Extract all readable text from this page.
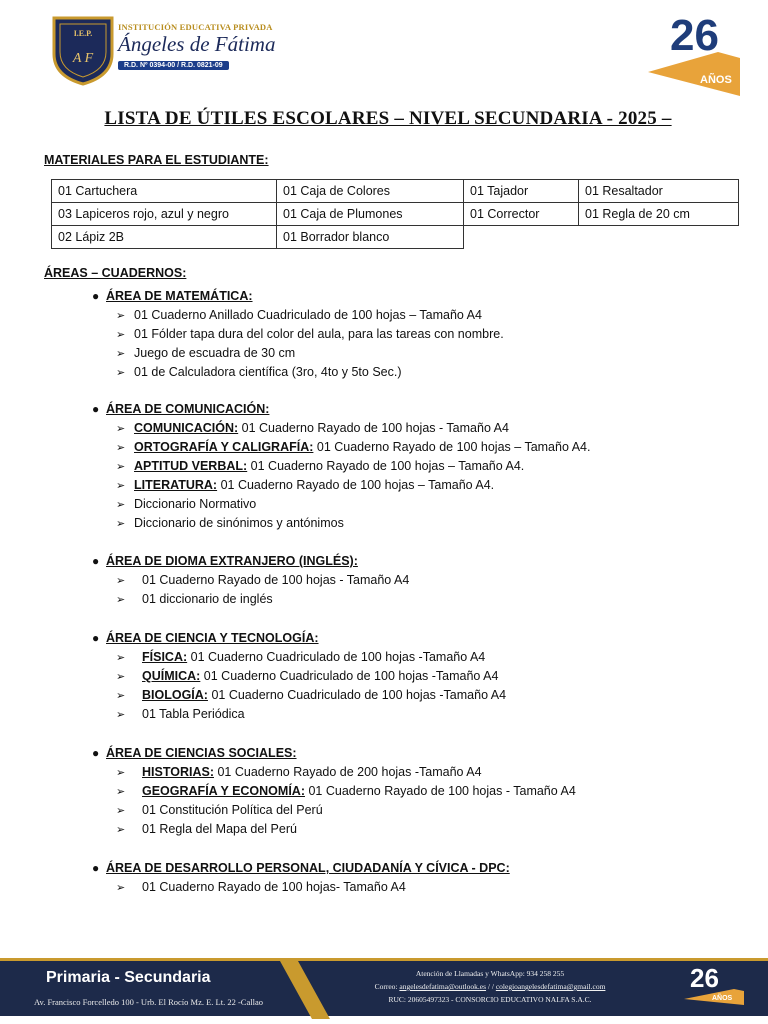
I.E.P.
A F
INSTITUCIÓN EDUCATIVA PRIVADA
Ángeles de Fátima
R.D. Nº 0394-00 / R.D. 0821-09
26
AÑOS
LISTA DE ÚTILES ESCOLARES – NIVEL SECUNDARIA - 2025 –
MATERIALES PARA EL ESTUDIANTE:
01 Cartuchera	01 Caja de Colores	01 Tajador	01 Resaltador
03 Lapiceros rojo, azul y negro	01 Caja de Plumones	01 Corrector	01 Regla de 20 cm
02 Lápiz 2B	01 Borrador blanco		
ÁREAS – CUADERNOS:
● ÁREA DE MATEMÁTICA:
➢ 01 Cuaderno Anillado Cuadriculado de 100 hojas – Tamaño A4
➢ 01 Fólder tapa dura del color del aula, para las tareas con nombre.
➢ Juego de escuadra de 30 cm
➢ 01 de Calculadora científica (3ro, 4to y 5to Sec.)
● ÁREA DE COMUNICACIÓN:
➢ COMUNICACIÓN: 01 Cuaderno Rayado de 100 hojas - Tamaño A4
➢ ORTOGRAFÍA Y CALIGRAFÍA: 01 Cuaderno Rayado de 100 hojas – Tamaño A4.
➢ APTITUD VERBAL: 01 Cuaderno Rayado de 100 hojas – Tamaño A4.
➢ LITERATURA: 01 Cuaderno Rayado de 100 hojas – Tamaño A4.
➢ Diccionario Normativo
➢ Diccionario de sinónimos y antónimos
● ÁREA DE DIOMA EXTRANJERO (INGLÉS):
➢ 01 Cuaderno Rayado de 100 hojas - Tamaño A4
➢ 01 diccionario de inglés
● ÁREA DE CIENCIA Y TECNOLOGÍA:
➢ FÍSICA: 01 Cuaderno Cuadriculado de 100 hojas -Tamaño A4
➢ QUÍMICA: 01 Cuaderno Cuadriculado de 100 hojas -Tamaño A4
➢ BIOLOGÍA: 01 Cuaderno Cuadriculado de 100 hojas -Tamaño A4
➢ 01 Tabla Periódica
● ÁREA DE CIENCIAS SOCIALES:
➢ HISTORIAS: 01 Cuaderno Rayado de 200 hojas -Tamaño A4
➢ GEOGRAFÍA Y ECONOMÍA: 01 Cuaderno Rayado de 100 hojas - Tamaño A4
➢ 01 Constitución Política del Perú
➢ 01 Regla del Mapa del Perú
● ÁREA DE DESARROLLO PERSONAL, CIUDADANÍA Y CÍVICA - DPC:
➢ 01 Cuaderno Rayado de 100 hojas- Tamaño A4
Primaria - Secundaria
Av. Francisco Forcelledo 100 - Urb. El Rocío Mz. E. Lt. 22 -Callao
Atención de Llamadas y WhatsApp: 934 258 255
Correo: angelesdefatima@outlook.es / / colegioangelesdefatima@gmail.com
RUC: 20605497323 - CONSORCIO EDUCATIVO NALFA S.A.C.
26
AÑOS
